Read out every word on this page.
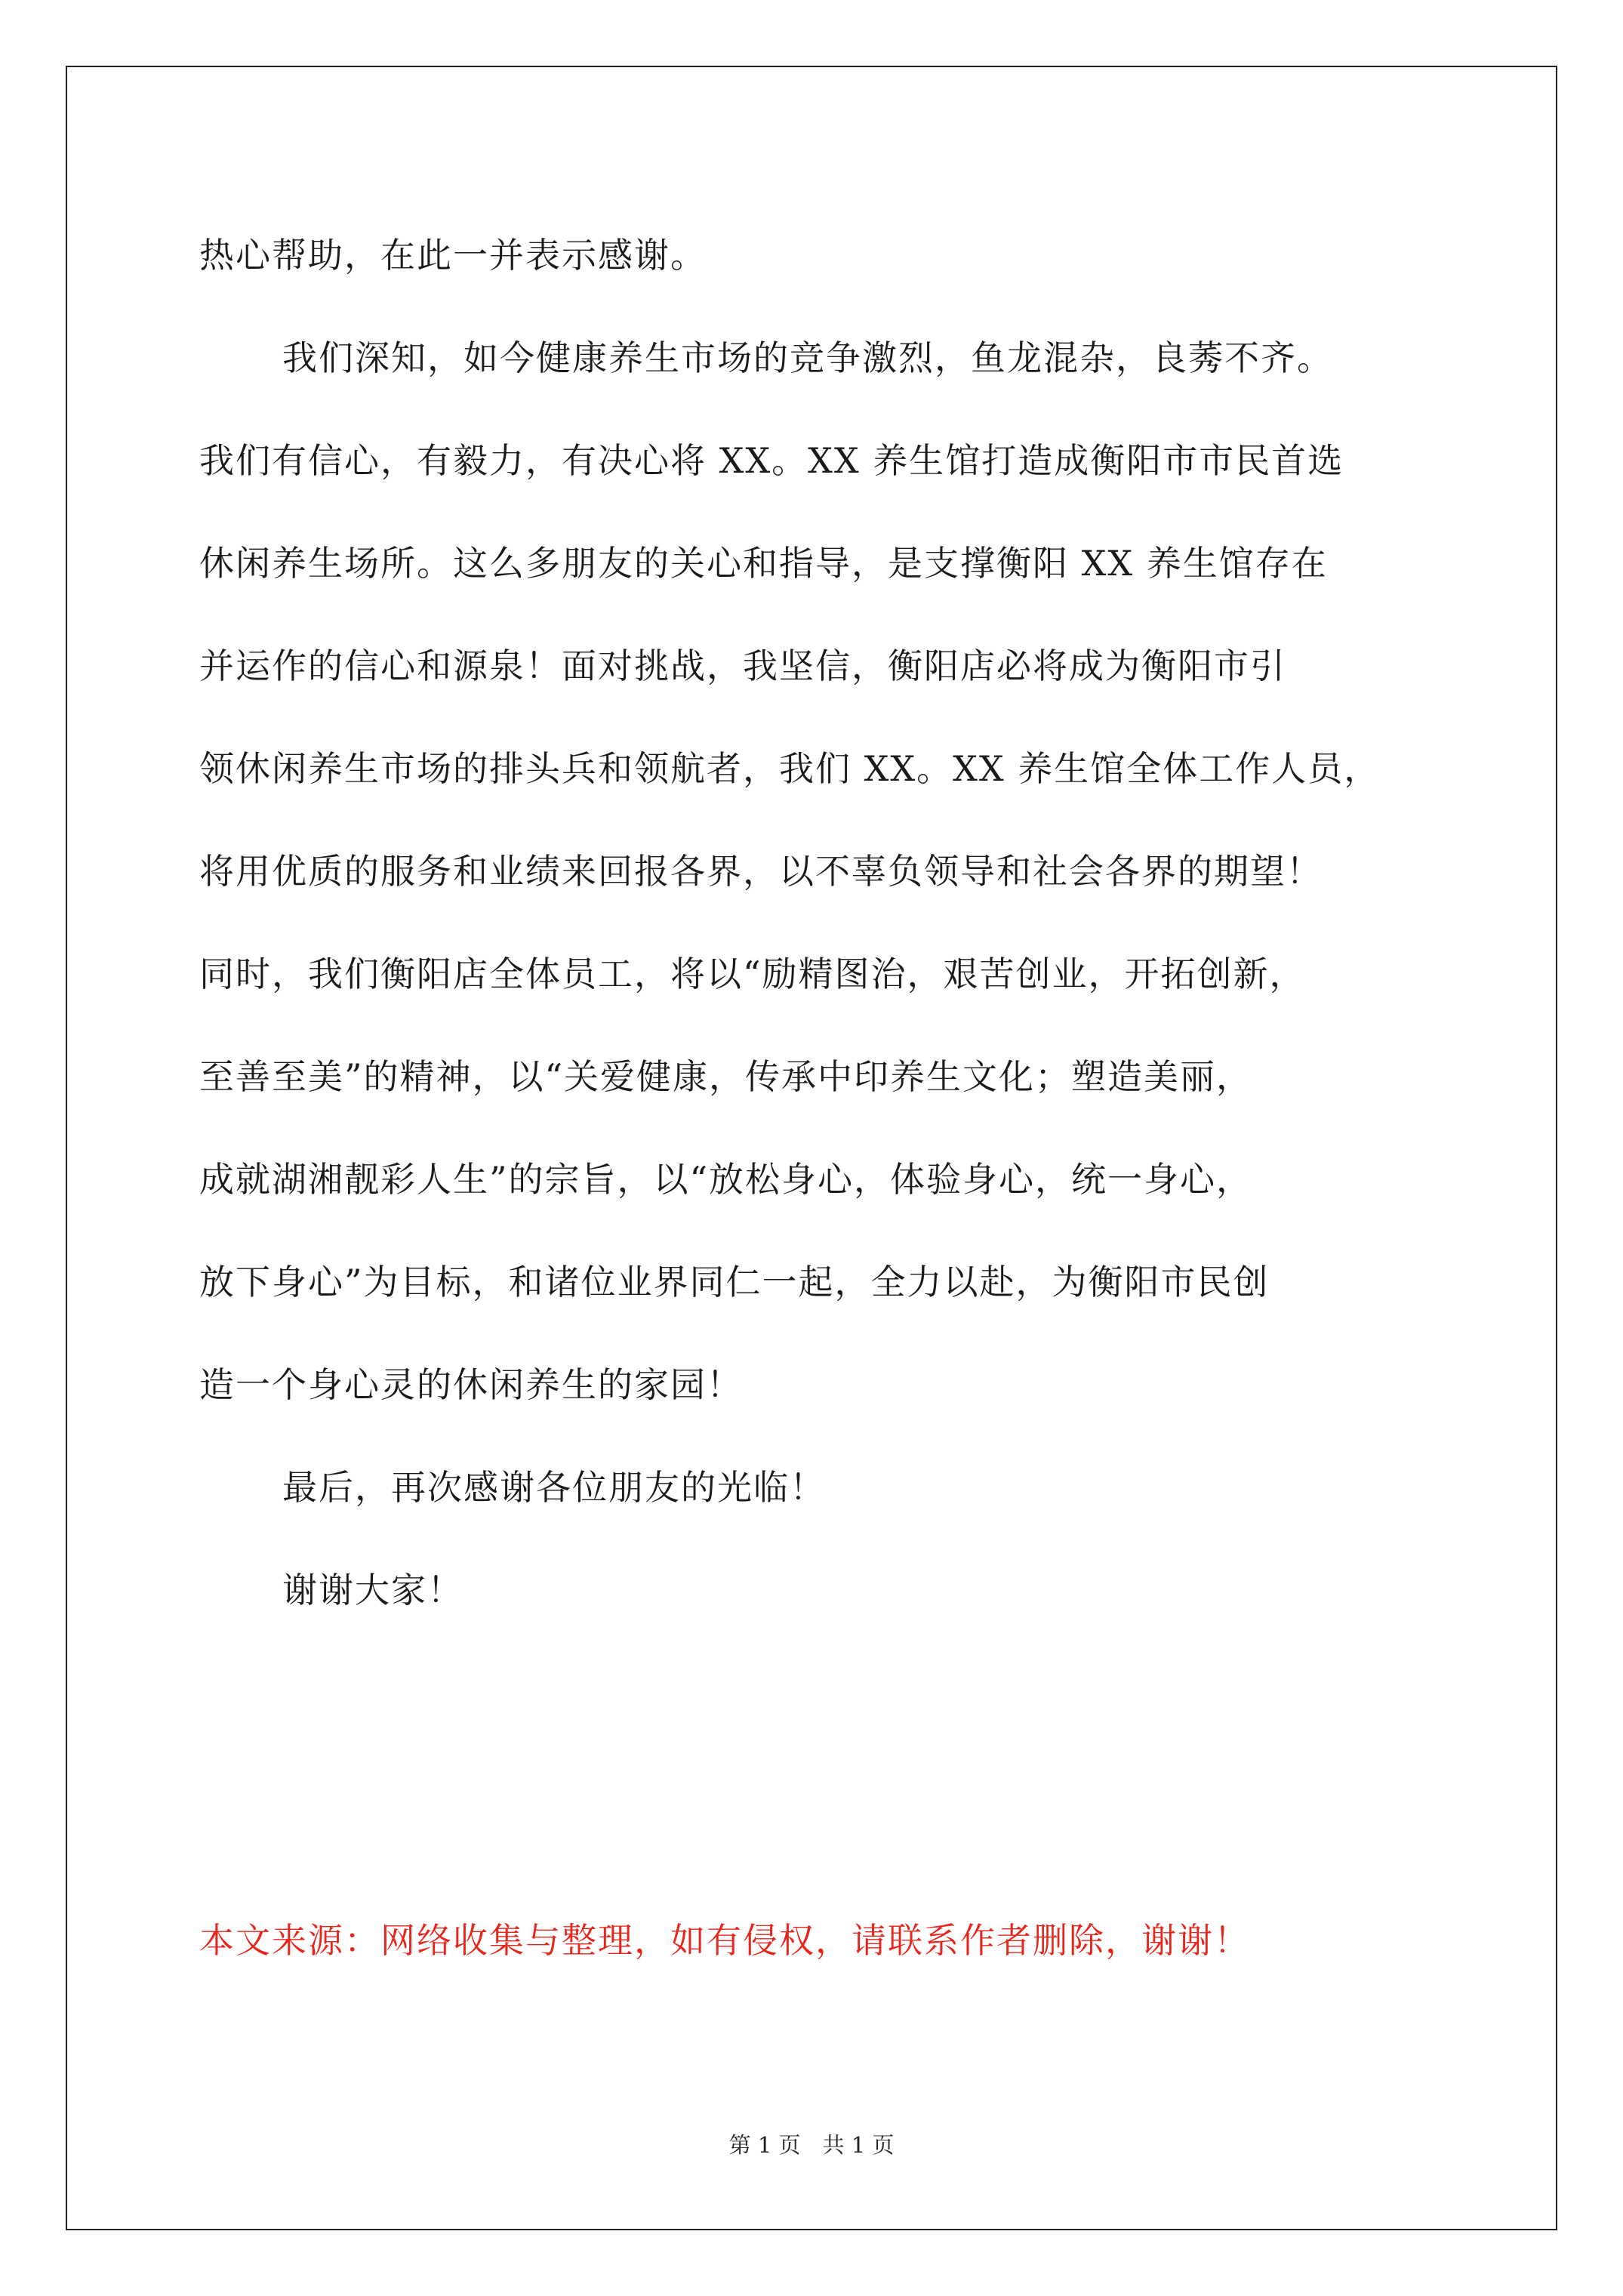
热心帮助，在此一并表示感谢。
我们深知，如今健康养生市场的竞争激烈，鱼龙混杂，良莠不齐。
我们有信心，有毅力，有决心将 XX。XX 养生馆打造成衡阳市市民首选
休闲养生场所。这么多朋友的关心和指导，是支撑衡阳 XX 养生馆存在
并运作的信心和源泉！面对挑战，我坚信，衡阳店必将成为衡阳市引
领休闲养生市场的排头兵和领航者，我们 XX。XX 养生馆全体工作人员，
将用优质的服务和业绩来回报各界，以不辜负领导和社会各界的期望！
同时，我们衡阳店全体员工，将以“励精图治，艰苦创业，开拓创新，
至善至美”的精神，以“关爱健康，传承中印养生文化；塑造美丽，
成就湖湘靓彩人生”的宗旨，以“放松身心，体验身心，统一身心，
放下身心”为目标，和诸位业界同仁一起，全力以赴，为衡阳市民创
造一个身心灵的休闲养生的家园！
最后，再次感谢各位朋友的光临！
谢谢大家！
本文来源：网络收集与整理，如有侵权，请联系作者删除，谢谢！
第 1 页　共 1 页
